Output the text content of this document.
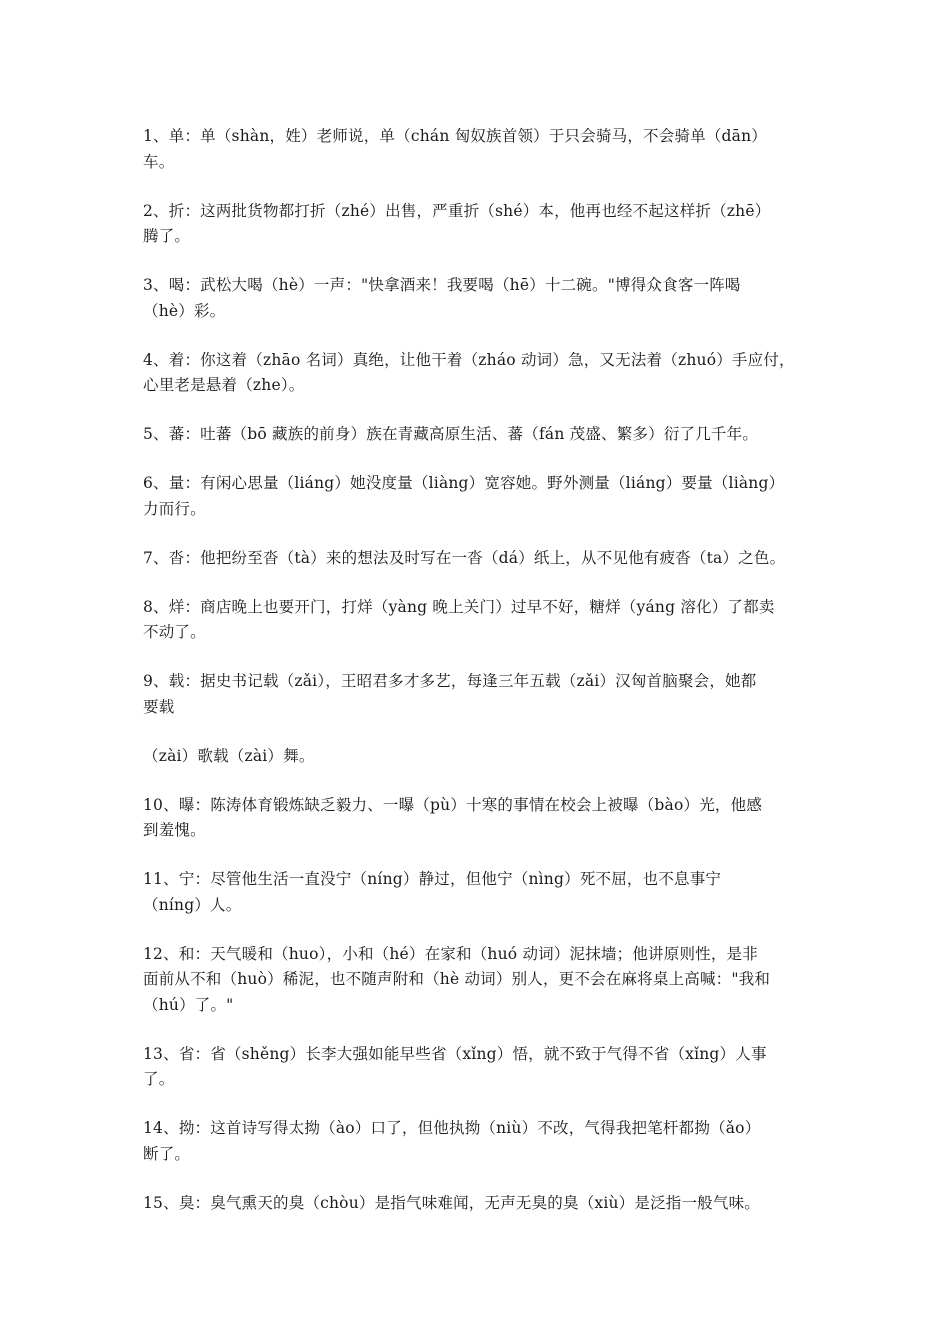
1、单：单（shàn，姓）老师说，单（chán 匈奴族首领）于只会骑马，不会骑单（dān）
车。

2、折：这两批货物都打折（zhé）出售，严重折（shé）本，他再也经不起这样折（zhē）
腾了。

3、喝：武松大喝（hè）一声："快拿酒来！我要喝（hē）十二碗。"博得众食客一阵喝
（hè）彩。

4、着：你这着（zhāo 名词）真绝，让他干着（zháo 动词）急，又无法着（zhuó）手应付，
心里老是悬着（zhe）。

5、蕃：吐蕃（bō 藏族的前身）族在青藏高原生活、蕃（fán 茂盛、繁多）衍了几千年。

6、量：有闲心思量（liáng）她没度量（liàng）宽容她。野外测量（liáng）要量（liàng）
力而行。

7、沓：他把纷至沓（tà）来的想法及时写在一沓（dá）纸上，从不见他有疲沓（ta）之色。

8、烊：商店晚上也要开门，打烊（yàng 晚上关门）过早不好，糖烊（yáng 溶化）了都卖
不动了。

9、载：据史书记载（zǎi），王昭君多才多艺，每逢三年五载（zǎi）汉匈首脑聚会，她都
要载

（zài）歌载（zài）舞。

10、曝：陈涛体育锻炼缺乏毅力、一曝（pù）十寒的事情在校会上被曝（bào）光，他感
到羞愧。

11、宁：尽管他生活一直没宁（níng）静过，但他宁（nìng）死不屈，也不息事宁
（níng）人。

12、和：天气暖和（huo），小和（hé）在家和（huó 动词）泥抹墙；他讲原则性，是非
面前从不和（huò）稀泥，也不随声附和（hè 动词）别人，更不会在麻将桌上高喊："我和
（hú）了。"

13、省：省（shěng）长李大强如能早些省（xǐng）悟，就不致于气得不省（xǐng）人事
了。

14、拗：这首诗写得太拗（ào）口了，但他执拗（niù）不改，气得我把笔杆都拗（ǎo）
断了。

15、臭：臭气熏天的臭（chòu）是指气味难闻，无声无臭的臭（xiù）是泛指一般气味。
